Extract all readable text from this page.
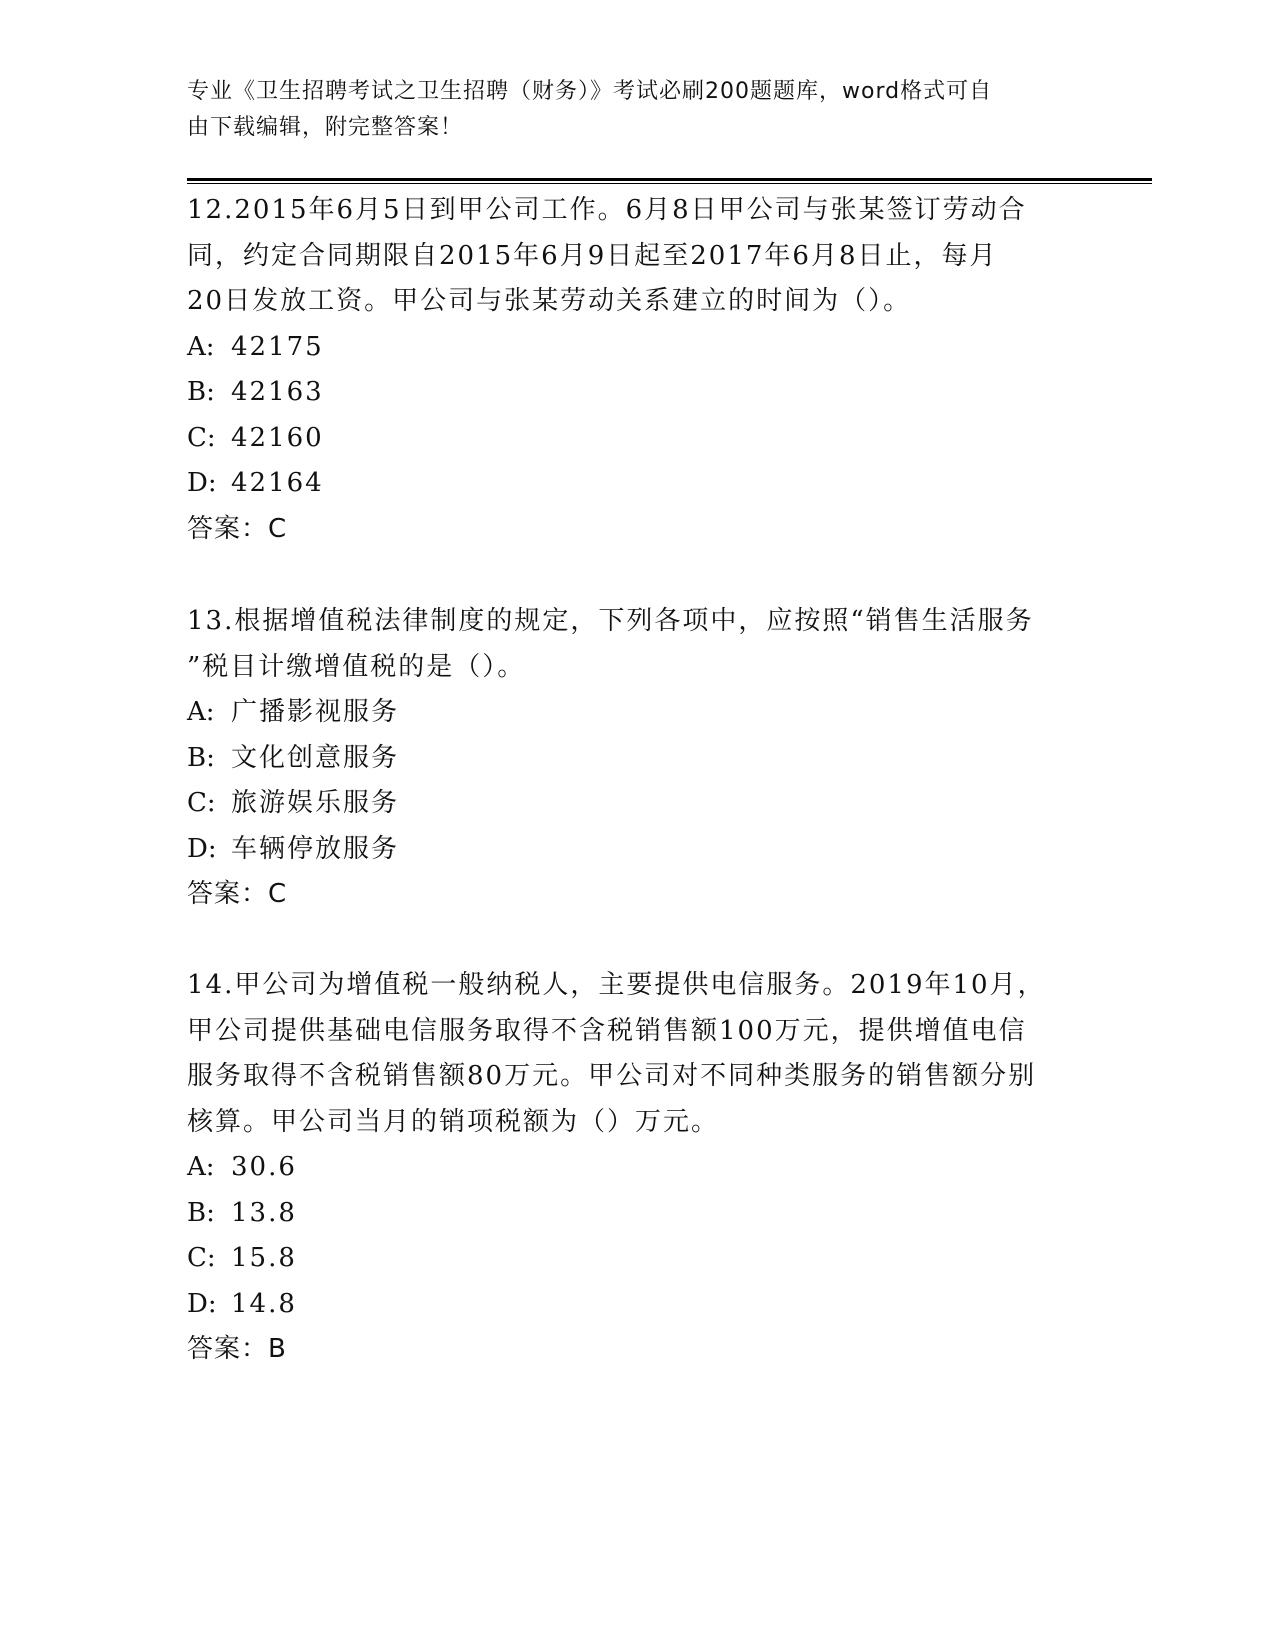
专业《卫生招聘考试之卫生招聘（财务）》考试必刷200题题库，word格式可自
由下载编辑，附完整答案！
12.2015年6月5日到甲公司工作。6月8日甲公司与张某签订劳动合
同，约定合同期限自2015年6月9日起至2017年6月8日止，每月
20日发放工资。甲公司与张某劳动关系建立的时间为（）。
A: 42175
B: 42163
C: 42160
D: 42164
答案：C
13.根据增值税法律制度的规定，下列各项中，应按照“销售生活服务
”税目计缴增值税的是（）。
A: 广播影视服务
B: 文化创意服务
C: 旅游娱乐服务
D: 车辆停放服务
答案：C
14.甲公司为增值税一般纳税人，主要提供电信服务。2019年10月，
甲公司提供基础电信服务取得不含税销售额100万元，提供增值电信
服务取得不含税销售额80万元。甲公司对不同种类服务的销售额分别
核算。甲公司当月的销项税额为（）万元。
A: 30.6
B: 13.8
C: 15.8
D: 14.8
答案：B
